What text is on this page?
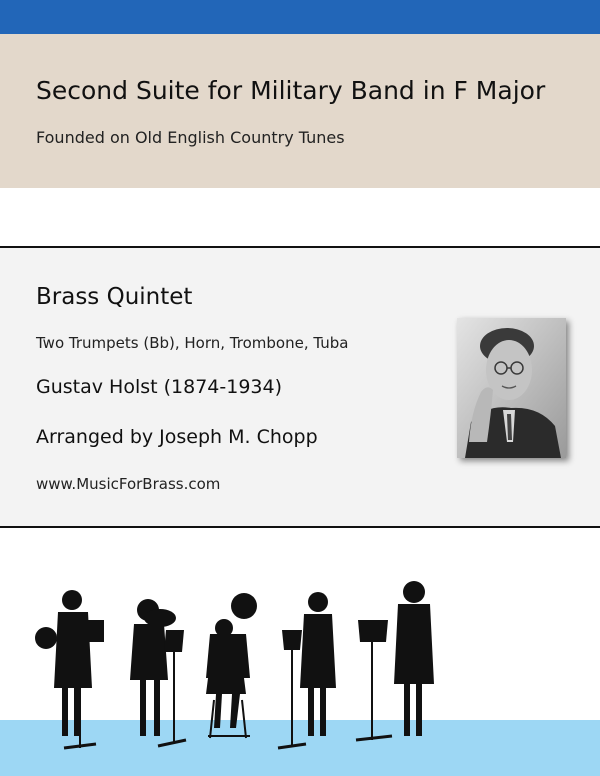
Second Suite for Military Band in F Major
Founded on Old English Country Tunes
Brass Quintet
Two Trumpets (Bb), Horn, Trombone, Tuba
Gustav Holst (1874-1934)
Arranged by Joseph M. Chopp
www.MusicForBrass.com
